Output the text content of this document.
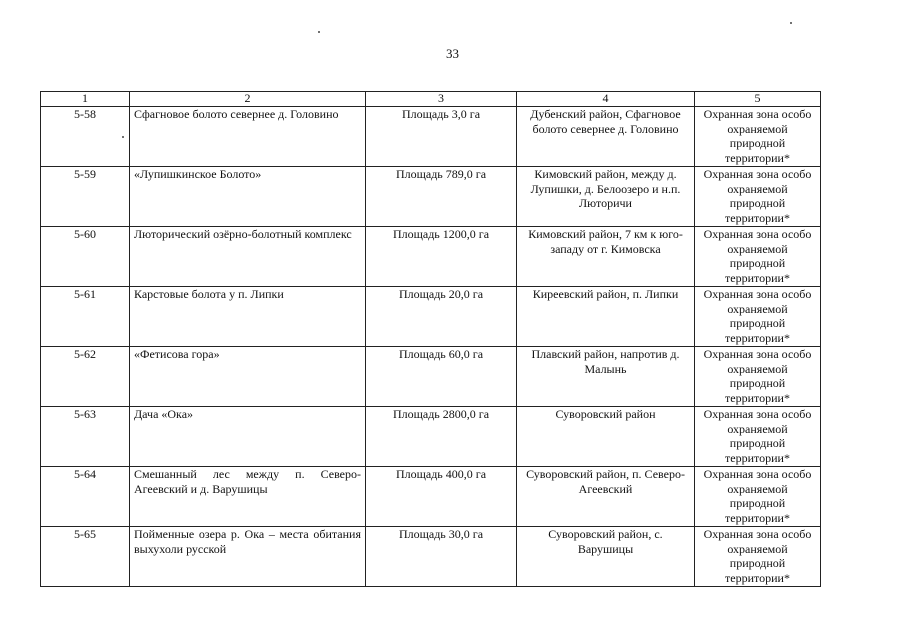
33
1	2	3	4	5
5-58	Сфагновое болото севернее д. Головино	Площадь 3,0 га	Дубенский район, Сфагновое болото севернее д. Головино	Охранная зона особо охраняемой природной территории*
5-59	«Лупишкинское Болото»	Площадь 789,0 га	Кимовский район, между д. Лупишки, д. Белоозеро и н.п. Люторичи	Охранная зона особо охраняемой природной территории*
5-60	Люторический озёрно-болотный комплекс	Площадь 1200,0 га	Кимовский район, 7 км к юго-западу от г. Кимовска	Охранная зона особо охраняемой природной территории*
5-61	Карстовые болота у п. Липки	Площадь 20,0 га	Киреевский район, п. Липки	Охранная зона особо охраняемой природной территории*
5-62	«Фетисова гора»	Площадь 60,0 га	Плавский район, напротив д. Малынь	Охранная зона особо охраняемой природной территории*
5-63	Дача «Ока»	Площадь 2800,0 га	Суворовский район	Охранная зона особо охраняемой природной территории*
5-64	Смешанный лес между п. Северо-Агеевский и д. Варушицы	Площадь 400,0 га	Суворовский район, п. Северо-Агеевский	Охранная зона особо охраняемой природной территории*
5-65	Пойменные озера р. Ока – места обитания выхухоли русской	Площадь 30,0 га	Суворовский район, с. Варушицы	Охранная зона особо охраняемой природной территории*
